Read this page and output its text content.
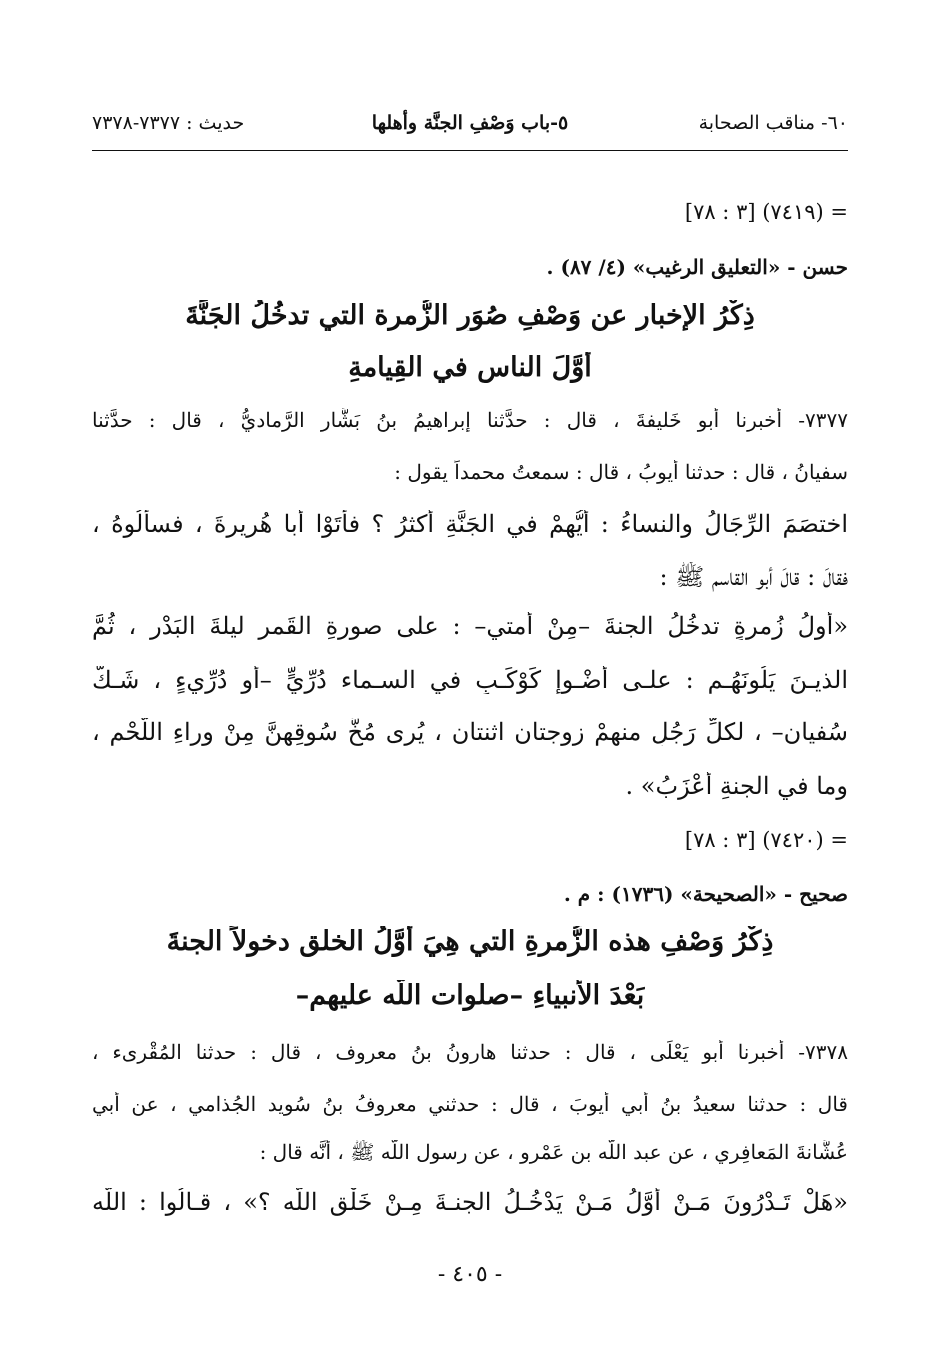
٦٠- مناقب الصحابة
٥-باب وَصْفِ الجنَّة وأهلها
حديث : ٧٣٧٧-٧٣٧٨
= (٧٤١٩) [٣ : ٧٨]
حسن - «التعليق الرغيب» (٤/ ٨٧) .
ذِكْرُ الإخبارِ عن وَصْفِ صُوَرِ الزُّمرة التي تدخُلُ الجَنَّةَ
أَوَّلَ الناسِ في القِيامةِ
٧٣٧٧- أخبرنا أبو خَليفةَ ، قال : حدَّثنا إبراهيمُ بنُ بَشَّار الرَّماديُّ ، قال : حدَّثنا
سفيانُ ، قال : حدثنا أيوبُ ، قال : سمعتُ محمداً يقول :
اختصَمَ الرِّجَالُ والنساءُ : أَيُّهمْ في الجَنَّةِ أكثرُ ؟ فأَتَوْا أبا هُريرةَ ، فسأَلُوهُ ،
فقالَ : قالَ أبو القاسم ﷺ :
«أولُ زُمرةٍ تدخُلُ الجنةَ –مِنْ أُمتي– : على صورةِ القَمرِ ليلةَ البَدْرِ ، ثُمَّ
الذيـنَ يَلُونَهُـم : علـى أضْـوإِ كَوْكَـبٍ في السـماء دُرِّيٍّ –أو دُرِّيءٍ ، شَـكَّ
سُفيان– ، لكلِّ رَجُلٍ منهمْ زوجتان اثنتانِ ، يُرى مُخُّ سُوقِهنَّ مِنْ وراءِ اللَّحْمِ ،
وما في الجنةِ أَعْزَبُ» .
= (٧٤٢٠) [٣ : ٧٨]
صحيح - «الصحيحة» (١٧٣٦) : م .
ذِكْرُ وَصْفِ هذه الزُّمرةِ التي هِيَ أَوَّلُ الخلقِ دخولاً الجنةَ
بَعْدَ الأنبياءِ –صلوات اللَّه عليهم–
٧٣٧٨- أخبرنا أبو يَعْلَى ، قال : حدثنا هارونُ بنُ معروف ، قال : حدثنا المُقْرىء ،
قال : حدثنا سعيدُ بنُ أبي أيوبَ ، قال : حدثني معروفُ بنُ سُويد الجُذامي ، عن أبي
عُشَّانةَ المَعافِري ، عن عبد اللَّه بن عَمْرو ، عن رسول اللَّه ﷺ ، أنَّه قال :
«هَلْ تَـدْرُونَ مَـنْ أَوَّلُ مَـنْ يَدْخُـلُ الجنـةَ مِـنْ خَلْقِ اللَّه ؟» ، قـالُوا : اللَّه
- ٤٠٥ -
